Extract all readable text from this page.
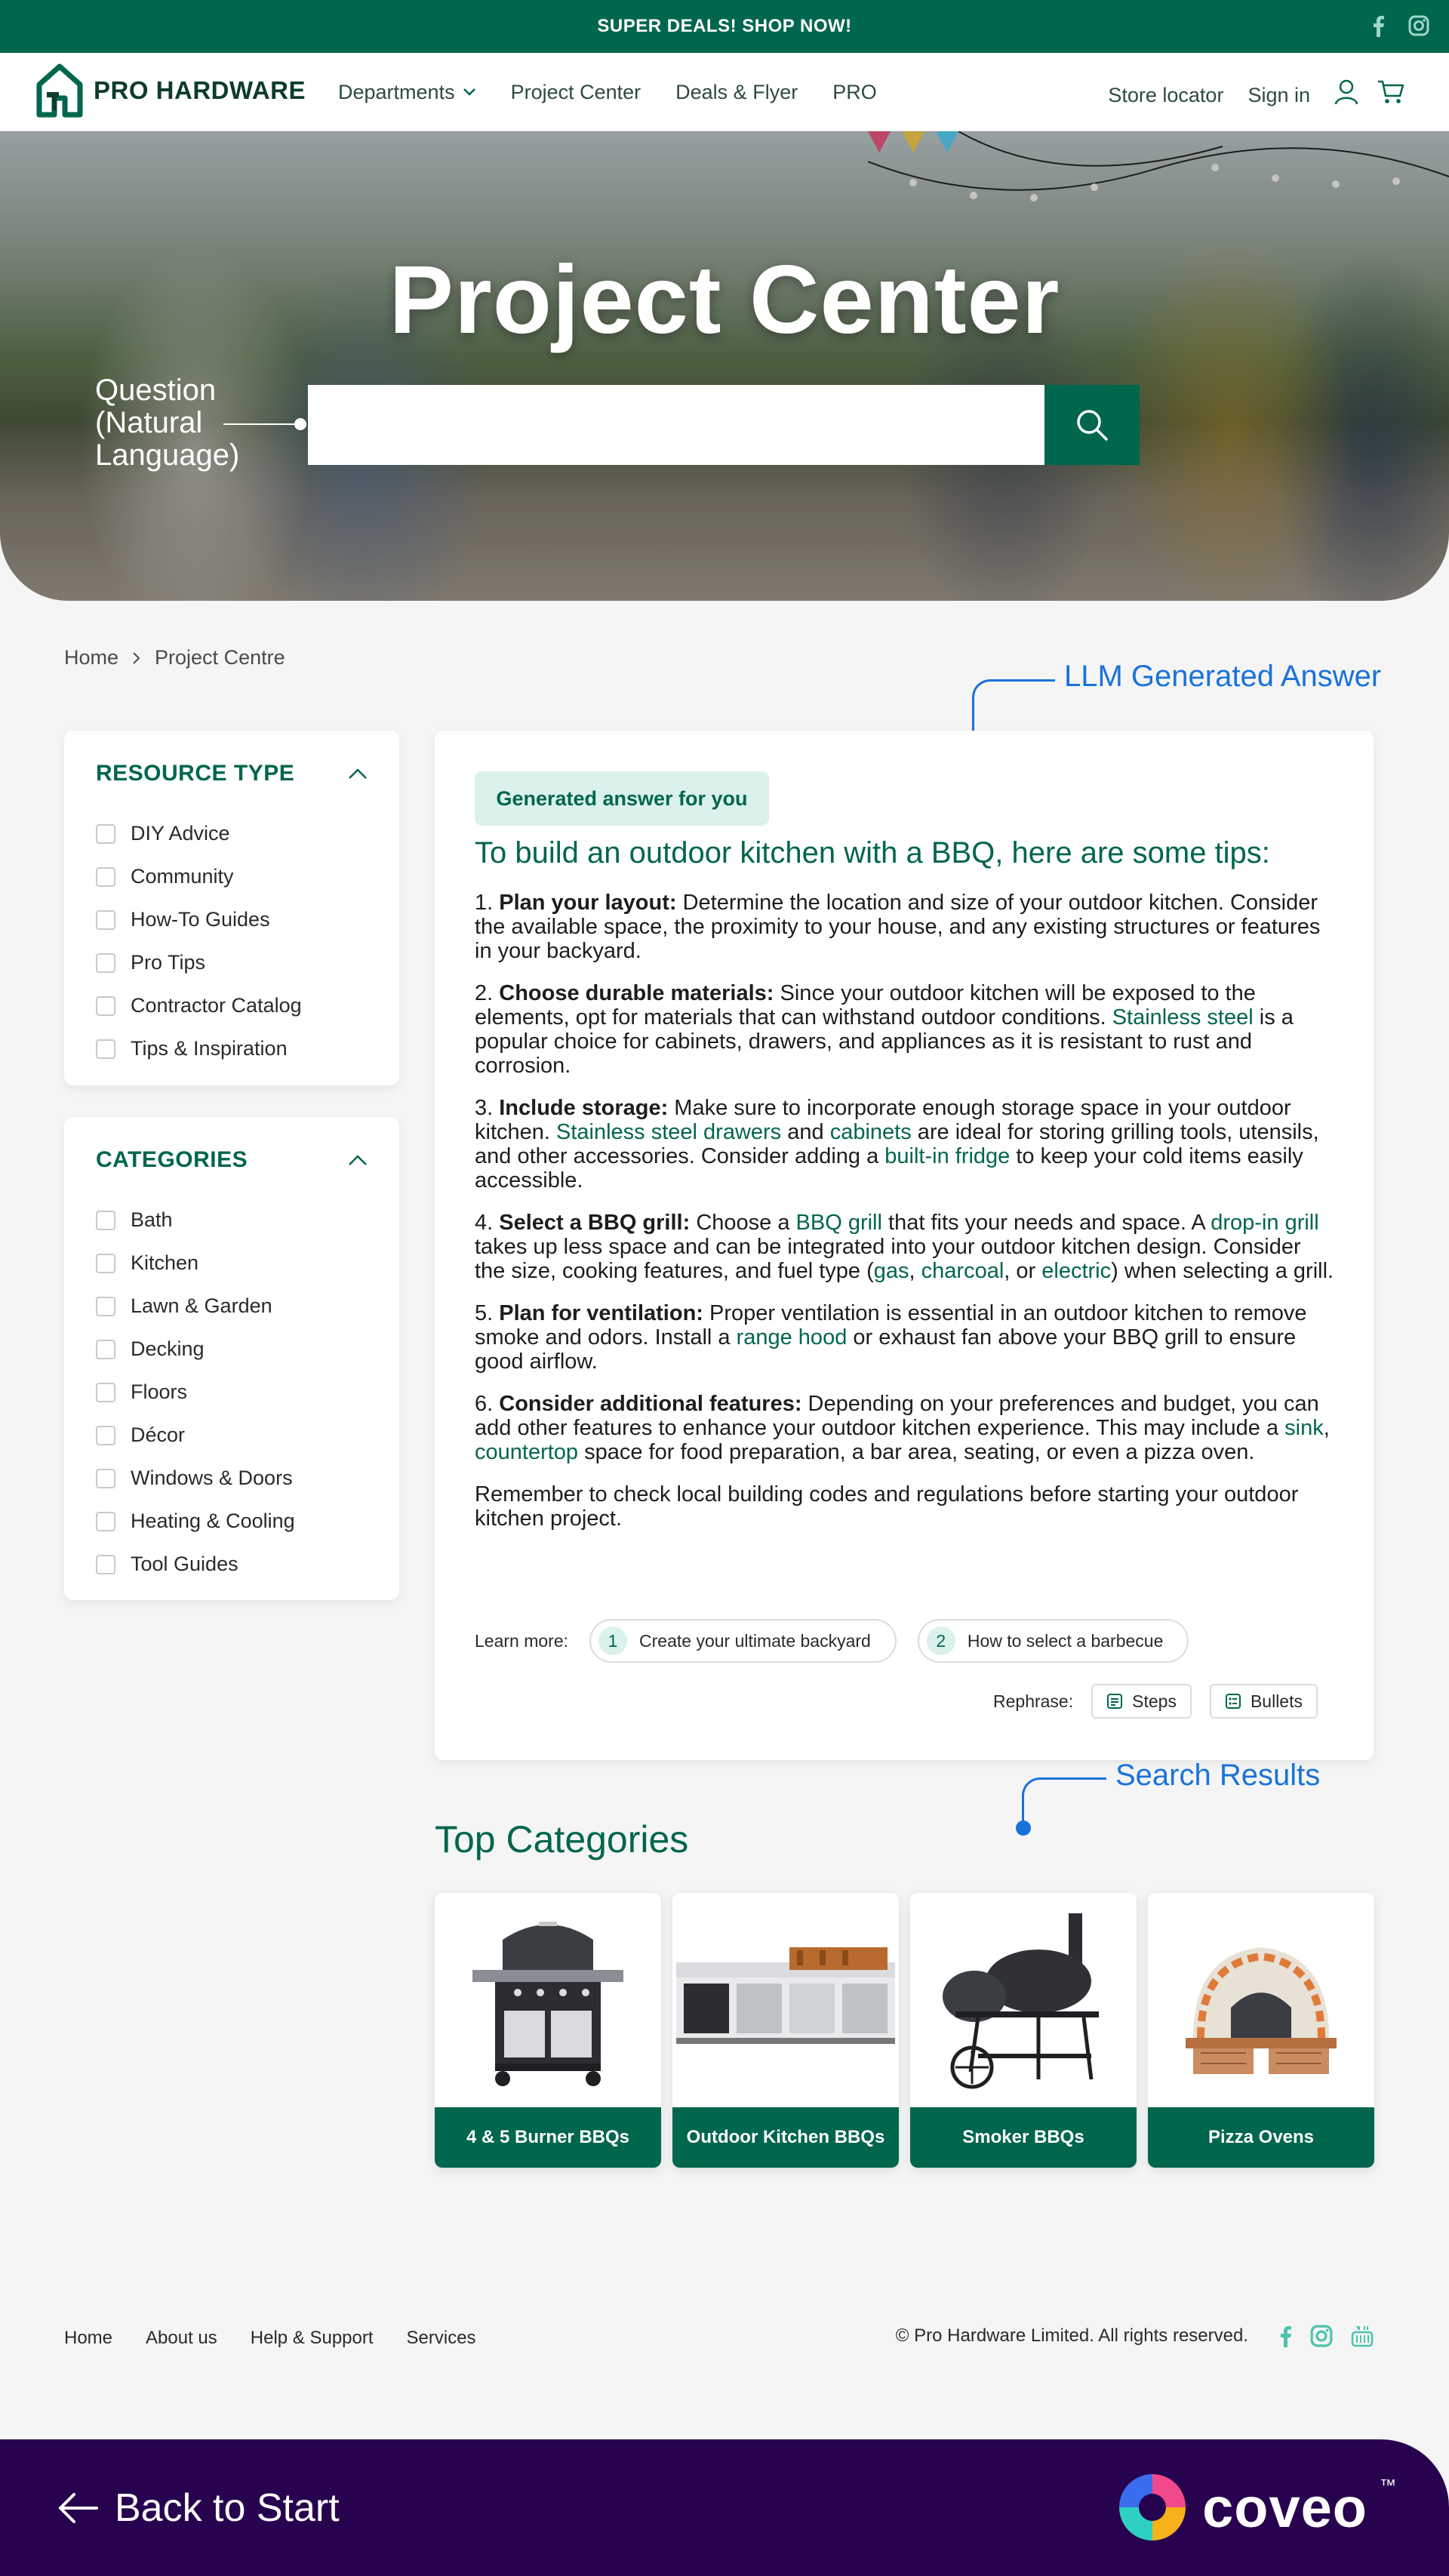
SUPER DEALS! SHOP NOW!
PRO HARDWARE Departments	Project Center Deals & Flyer PRO	Store locator Sign in
Project Center
Question (Natural Language)
Home Project Centre
LLM Generated Answer
RESOURCE TYPE
DIY Advice
Community
How-To Guides
Pro Tips
Contractor Catalog
Tips & Inspiration
CATEGORIES
Bath
Kitchen
Lawn & Garden
Decking
Floors
Décor
Windows & Doors
Heating & Cooling
Tool Guides
Generated answer for you
To build an outdoor kitchen with a BBQ, here are some tips:

1. Plan your layout: Determine the location and size of your outdoor kitchen. Consider the available space, the proximity to your house, and any existing structures or features in your backyard.

2. Choose durable materials: Since your outdoor kitchen will be exposed to the elements, opt for materials that can withstand outdoor conditions. Stainless steel is a popular choice for cabinets, drawers, and appliances as it is resistant to rust and corrosion.

3. Include storage: Make sure to incorporate enough storage space in your outdoor kitchen. Stainless steel drawers and cabinets are ideal for storing grilling tools, utensils, and other accessories. Consider adding a built-in fridge to keep your cold items easily accessible.

4. Select a BBQ grill: Choose a BBQ grill that fits your needs and space. A drop-in grill takes up less space and can be integrated into your outdoor kitchen design. Consider the size, cooking features, and fuel type (gas, charcoal, or electric) when selecting a grill.

5. Plan for ventilation: Proper ventilation is essential in an outdoor kitchen to remove smoke and odors. Install a range hood or exhaust fan above your BBQ grill to ensure good airflow.

6. Consider additional features: Depending on your preferences and budget, you can add other features to enhance your outdoor kitchen experience. This may include a sink, countertop space for food preparation, a bar area, seating, or even a pizza oven.

Remember to check local building codes and regulations before starting your outdoor kitchen project.

Learn more:	1	Create your ultimate backyard	2	How to select a barbecue
Rephrase:	Steps	Bullets
Search Results
Top Categories
4 & 5 Burner BBQs	Outdoor Kitchen BBQs	Smoker BBQs	Pizza Ovens
Home About us Help & Support Services	© Pro Hardware Limited. All rights reserved.
Back to Start	coveo ™
